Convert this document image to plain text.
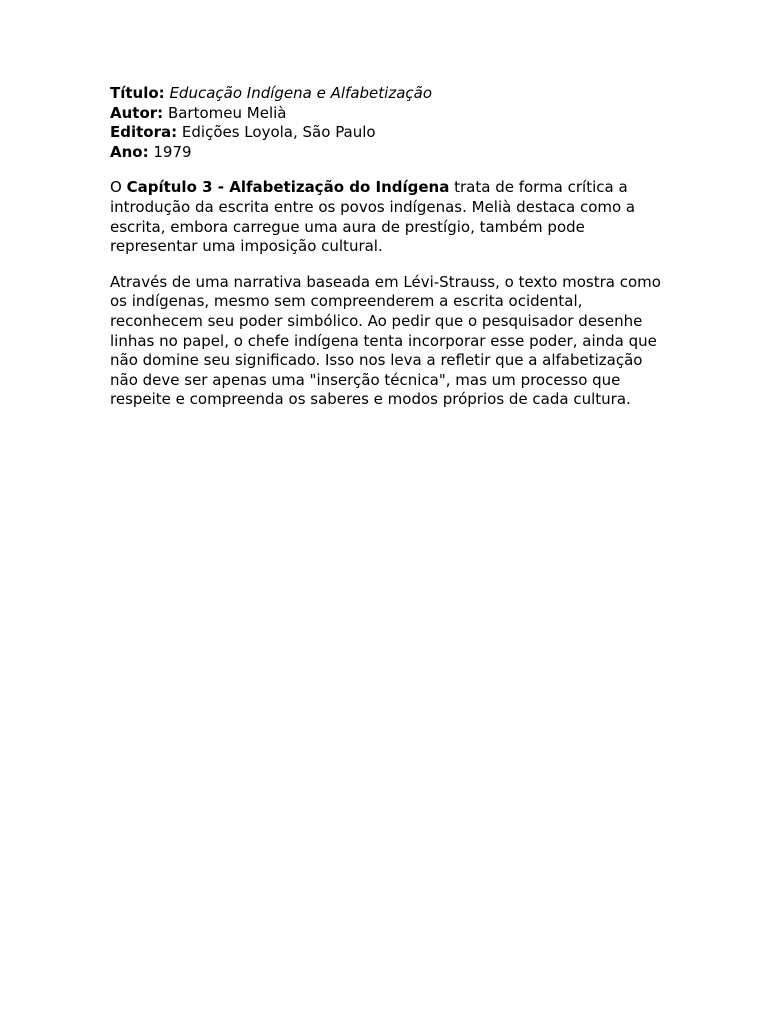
Título: Educação Indígena e Alfabetização

Autor: Bartomeu Melià

Editora: Edições Loyola, São Paulo

Ano: 1979

O Capítulo 3 - Alfabetização do Indígena trata de forma crítica a introdução da escrita entre os povos indígenas. Melià destaca como a escrita, embora carregue uma aura de prestígio, também pode representar uma imposição cultural.

Através de uma narrativa baseada em Lévi-Strauss, o texto mostra como os indígenas, mesmo sem compreenderem a escrita ocidental, reconhecem seu poder simbólico. Ao pedir que o pesquisador desenhe linhas no papel, o chefe indígena tenta incorporar esse poder, ainda que não domine seu significado. Isso nos leva a refletir que a alfabetização não deve ser apenas uma "inserção técnica", mas um processo que respeite e compreenda os saberes e modos próprios de cada cultura.
